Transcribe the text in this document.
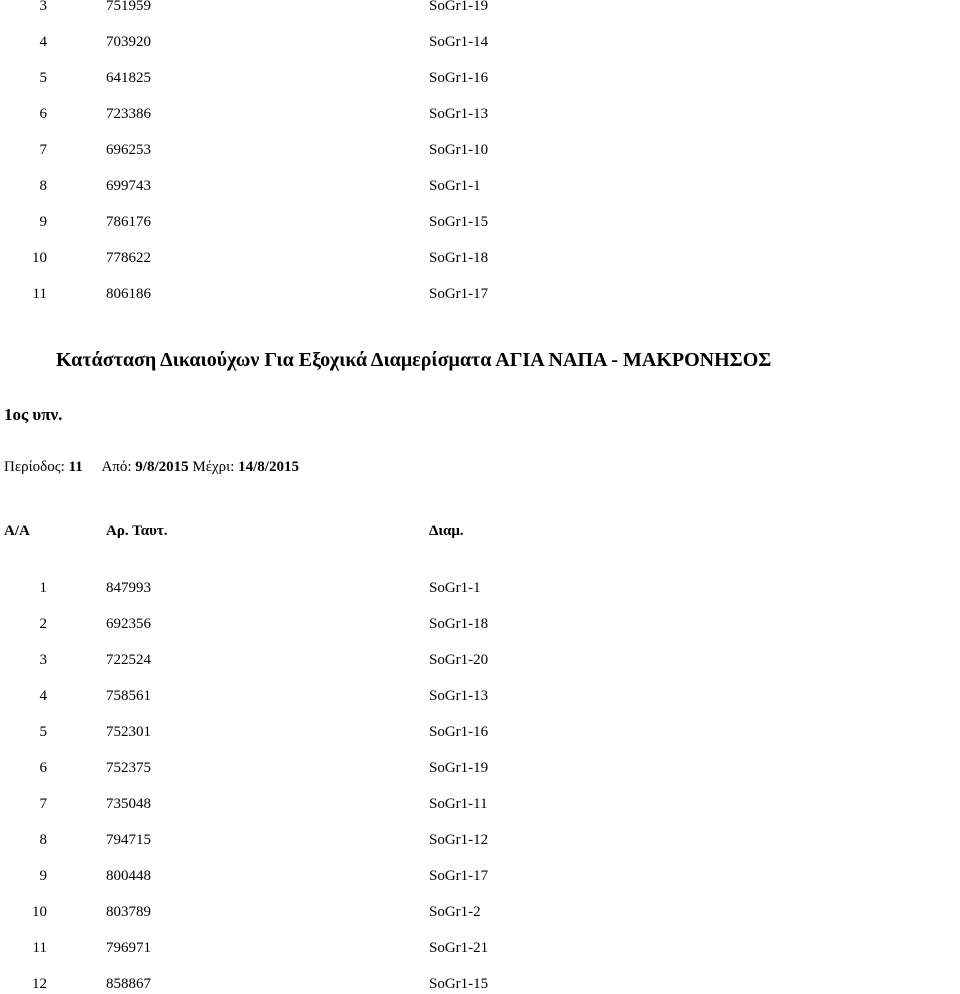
3	751959	SoGr1-19
4	703920	SoGr1-14
5	641825	SoGr1-16
6	723386	SoGr1-13
7	696253	SoGr1-10
8	699743	SoGr1-1
9	786176	SoGr1-15
10	778622	SoGr1-18
11	806186	SoGr1-17
Κατάσταση Δικαιούχων Για Εξοχικά Διαμερίσματα ΑΓΙΑ ΝΑΠΑ - ΜΑΚΡΟΝΗΣΟΣ
1ος υπν.
Περίοδος: 11 Από: 9/8/2015 Μέχρι: 14/8/2015
Α/Α	Αρ. Ταυτ.	Διαμ.
1	847993	SoGr1-1
2	692356	SoGr1-18
3	722524	SoGr1-20
4	758561	SoGr1-13
5	752301	SoGr1-16
6	752375	SoGr1-19
7	735048	SoGr1-11
8	794715	SoGr1-12
9	800448	SoGr1-17
10	803789	SoGr1-2
11	796971	SoGr1-21
12	858867	SoGr1-15
